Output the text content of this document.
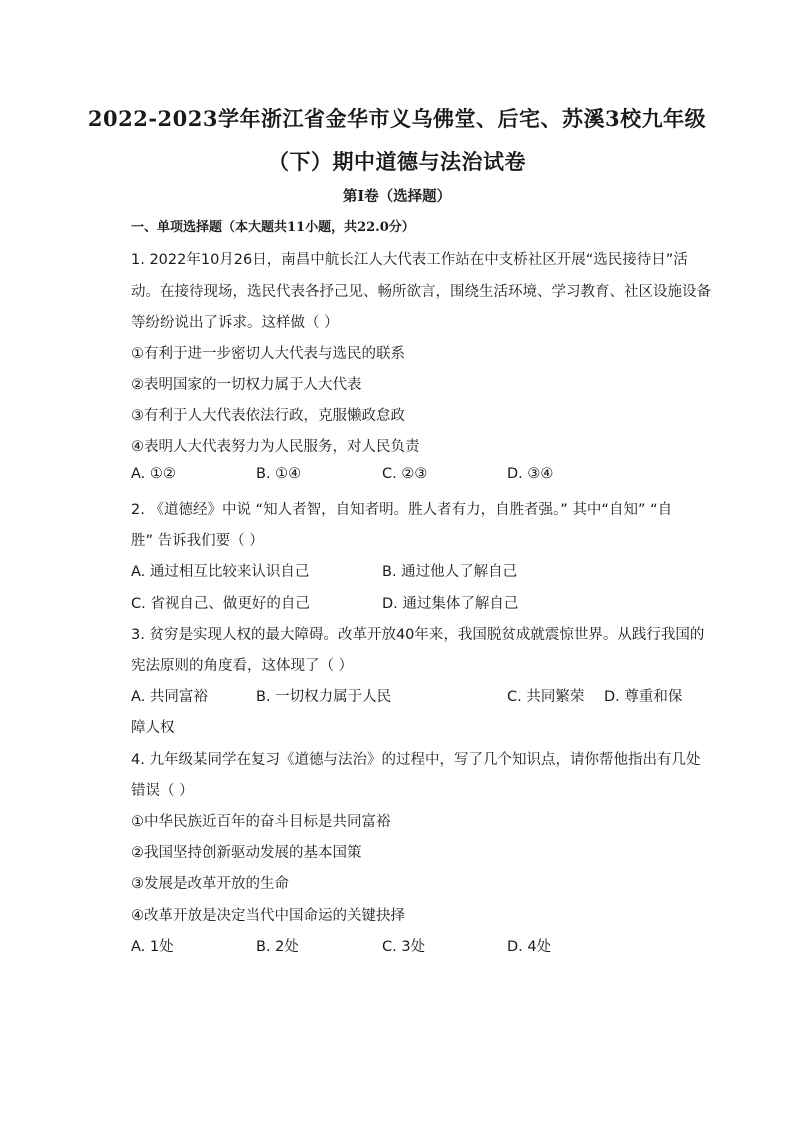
2022-2023学年浙江省金华市义乌佛堂、后宅、苏溪3校九年级
（下）期中道德与法治试卷
第I卷（选择题）
一、单项选择题（本大题共11小题，共22.0分）
1. 2022年10月26日，南昌中航长江人大代表工作站在中支桥社区开展“选民接待日”活
动。在接待现场，选民代表各抒己见、畅所欲言，围绕生活环境、学习教育、社区设施设备
等纷纷说出了诉求。这样做（ ）
①有利于进一步密切人大代表与选民的联系
②表明国家的一切权力属于人大代表
③有利于人大代表依法行政，克服懒政怠政
④表明人大代表努力为人民服务，对人民负责
A. ①②	B. ①④	C. ②③	D. ③④
2. 《道德经》中说 “知人者智，自知者明。胜人者有力，自胜者强。” 其中“自知” “自
胜” 告诉我们要（ ）
A. 通过相互比较来认识自己	B. 通过他人了解自己
C. 省视自己、做更好的自己	D. 通过集体了解自己
3. 贫穷是实现人权的最大障碍。改革开放40年来，我国脱贫成就震惊世界。从践行我国的
宪法原则的角度看，这体现了（ ）
A. 共同富裕	B. 一切权力属于人民	C. 共同繁荣 D. 尊重和保
障人权
4. 九年级某同学在复习《道德与法治》的过程中，写了几个知识点，请你帮他指出有几处
错误（ ）
①中华民族近百年的奋斗目标是共同富裕
②我国坚持创新驱动发展的基本国策
③发展是改革开放的生命
④改革开放是决定当代中国命运的关键抉择
A. 1处	B. 2处	C. 3处	D. 4处
